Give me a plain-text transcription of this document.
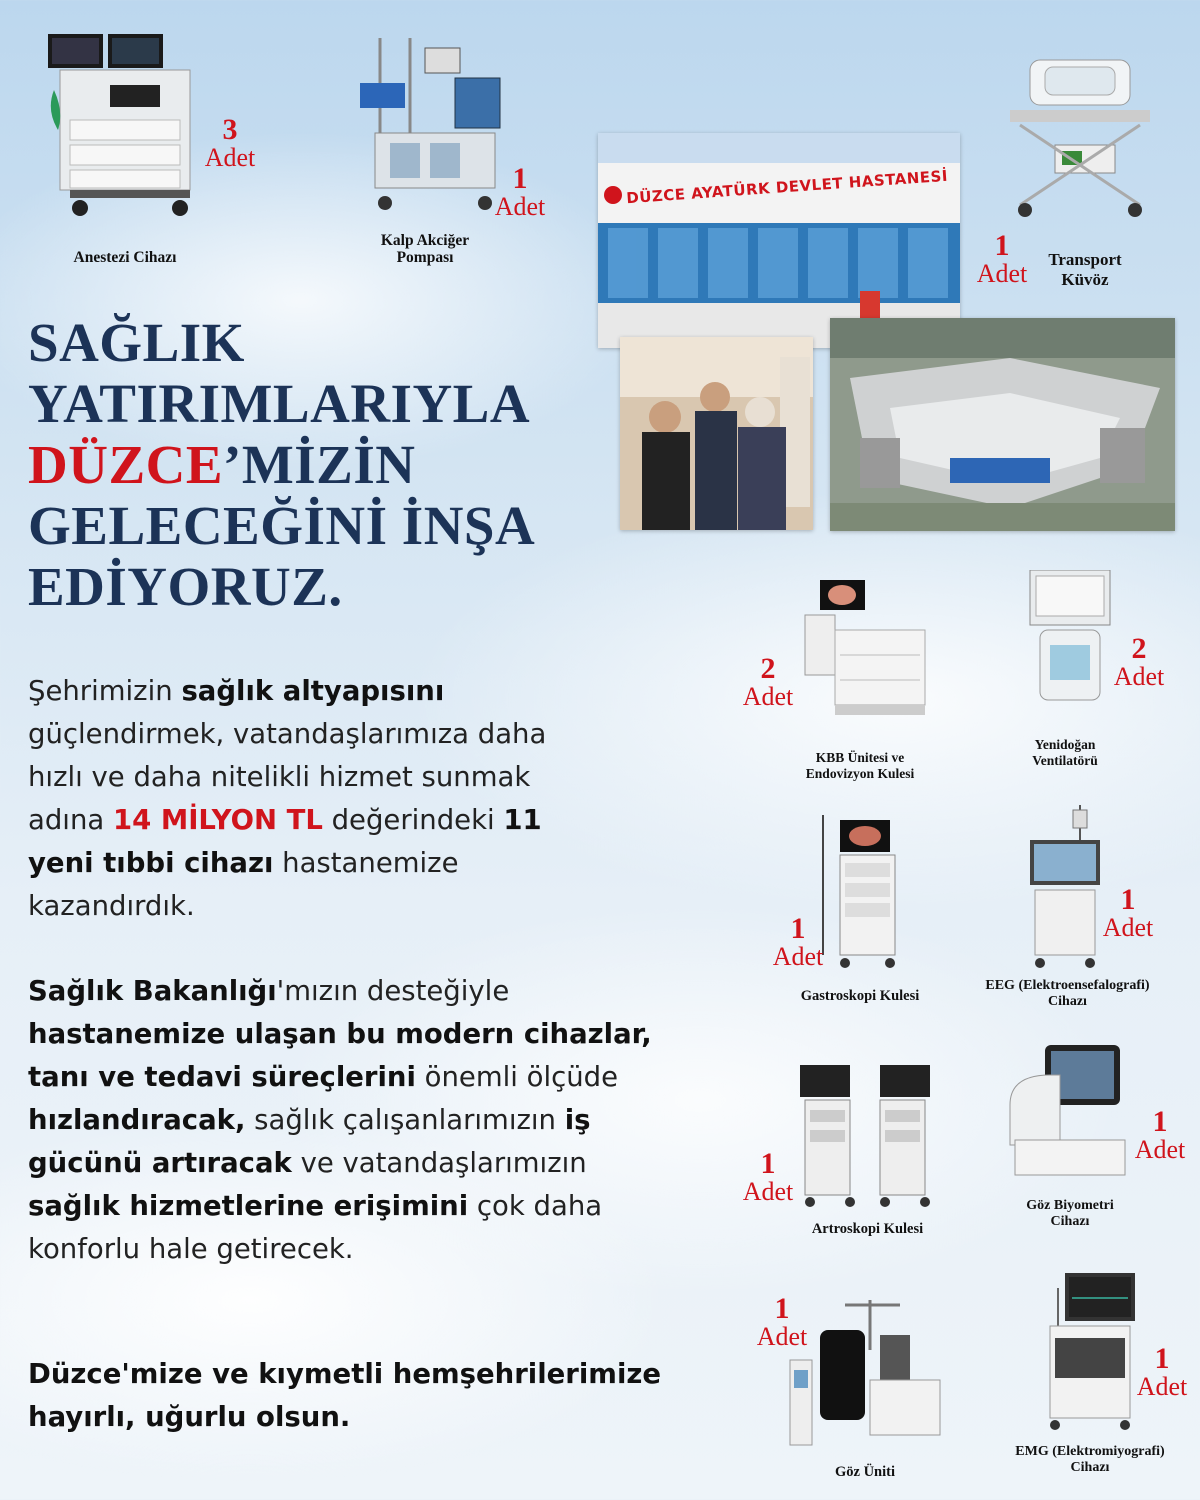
Anestezi Cihazı
3
Adet
Kalp Akciğer
Pompası
1
Adet
Transport
Küvöz
1
Adet
DÜZCE AYATÜRK DEVLET HASTANESİ
SAĞLIK
YATIRIMLARIYLA
DÜZCE’MİZİN
GELECEĞİNİ İNŞA
EDİYORUZ.
Şehrimizin sağlık altyapısını güçlendirmek, vatandaşlarımıza daha hızlı ve daha nitelikli hizmet sunmak adına 14 MİLYON TL değerindeki 11 yeni tıbbi cihazı hastanemize kazandırdık.
Sağlık Bakanlığı'mızın desteğiyle hastanemize ulaşan bu modern cihazlar, tanı ve tedavi süreçlerini önemli ölçüde hızlandıracak, sağlık çalışanlarımızın iş gücünü artıracak ve vatandaşlarımızın sağlık hizmetlerine erişimini çok daha konforlu hale getirecek.
Düzce'mize ve kıymetli hemşehrilerimize hayırlı, uğurlu olsun.
2
Adet
KBB Ünitesi ve
Endovizyon Kulesi
2
Adet
Yenidoğan
Ventilatörü
1
Adet
Gastroskopi Kulesi
1
Adet
EEG (Elektroensefalografi)
Cihazı
1
Adet
Artroskopi Kulesi
1
Adet
Göz Biyometri
Cihazı
1
Adet
Göz Üniti
1
Adet
EMG (Elektromiyografi)
Cihazı
